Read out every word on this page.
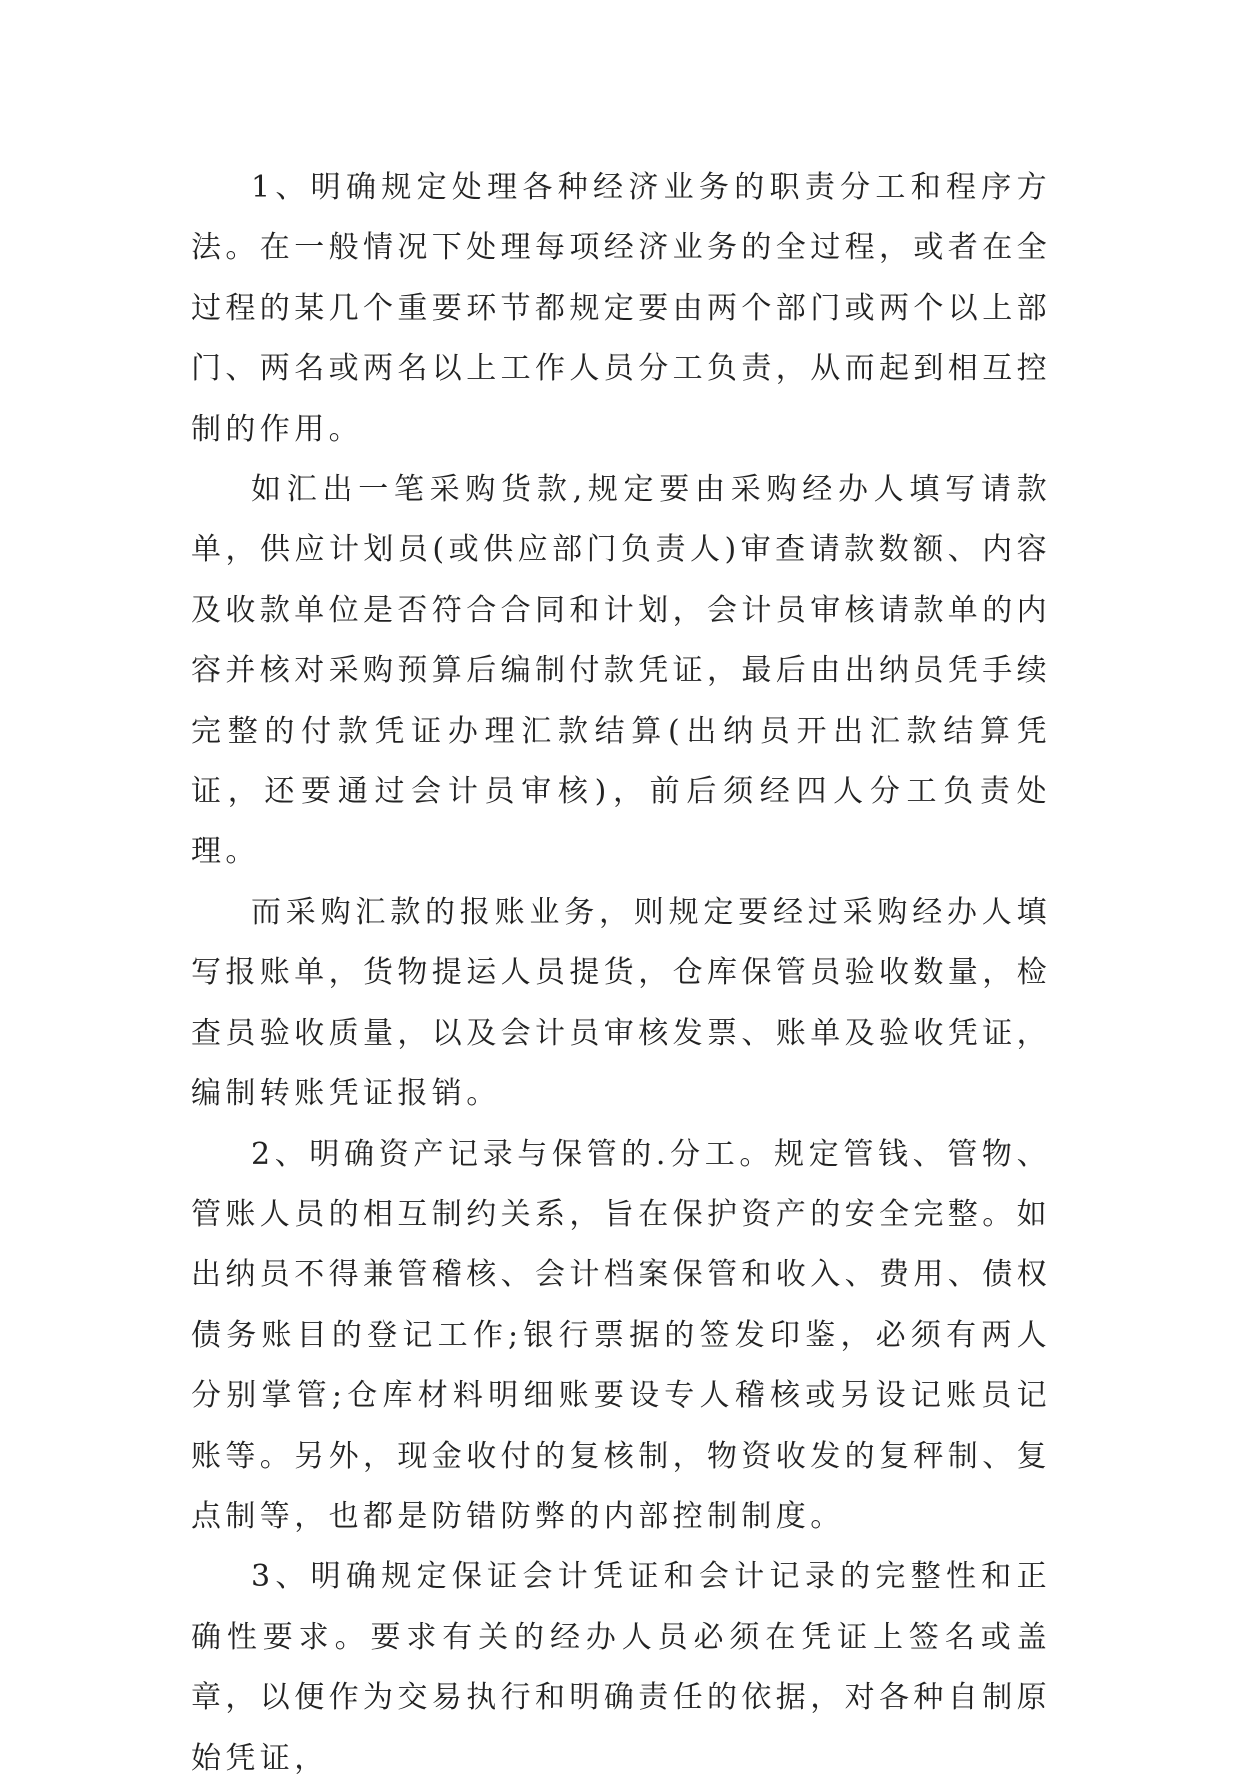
1、明确规定处理各种经济业务的职责分工和程序方法。在一般情况下处理每项经济业务的全过程，或者在全过程的某几个重要环节都规定要由两个部门或两个以上部门、两名或两名以上工作人员分工负责，从而起到相互控制的作用。

如汇出一笔采购货款,规定要由采购经办人填写请款单，供应计划员(或供应部门负责人)审查请款数额、内容及收款单位是否符合合同和计划，会计员审核请款单的内容并核对采购预算后编制付款凭证，最后由出纳员凭手续完整的付款凭证办理汇款结算(出纳员开出汇款结算凭证，还要通过会计员审核)，前后须经四人分工负责处理。

而采购汇款的报账业务，则规定要经过采购经办人填写报账单，货物提运人员提货，仓库保管员验收数量，检查员验收质量，以及会计员审核发票、账单及验收凭证，编制转账凭证报销。

2、明确资产记录与保管的.分工。规定管钱、管物、管账人员的相互制约关系，旨在保护资产的安全完整。如出纳员不得兼管稽核、会计档案保管和收入、费用、债权债务账目的登记工作;银行票据的签发印鉴，必须有两人分别掌管;仓库材料明细账要设专人稽核或另设记账员记账等。另外，现金收付的复核制，物资收发的复秤制、复点制等，也都是防错防弊的内部控制制度。

3、明确规定保证会计凭证和会计记录的完整性和正确性要求。要求有关的经办人员必须在凭证上签名或盖章，以便作为交易执行和明确责任的依据，对各种自制原始凭证，
